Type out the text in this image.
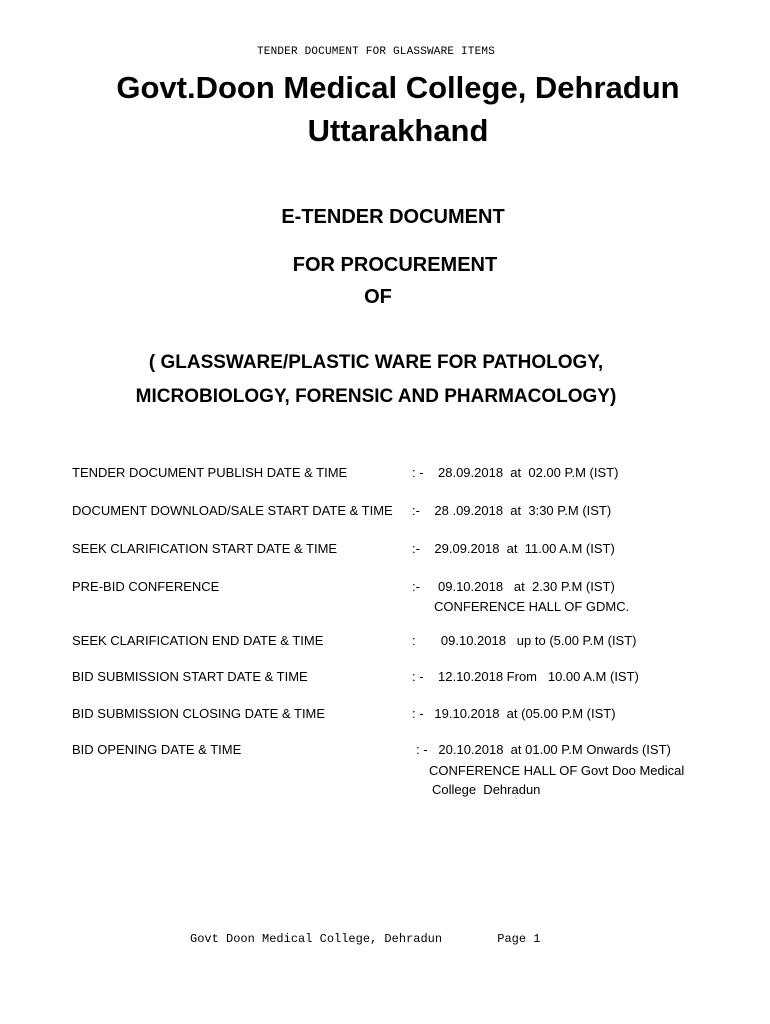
TENDER DOCUMENT FOR GLASSWARE ITEMS
Govt.Doon Medical College, Dehradun
Uttarakhand
E-TENDER DOCUMENT
FOR PROCUREMENT
OF
( GLASSWARE/PLASTIC WARE FOR PATHOLOGY,
MICROBIOLOGY, FORENSIC AND PHARMACOLOGY)
TENDER DOCUMENT PUBLISH DATE & TIME	: -    28.09.2018  at  02.00 P.M (IST)
DOCUMENT DOWNLOAD/SALE START DATE & TIME :-    28 .09.2018  at  3:30 P.M (IST)
SEEK CLARIFICATION START DATE & TIME	:-    29.09.2018  at  11.00 A.M (IST)
PRE-BID CONFERENCE	:-     09.10.2018   at  2.30 P.M (IST)
CONFERENCE HALL OF GDMC.
SEEK CLARIFICATION END DATE & TIME	:       09.10.2018   up to (5.00 P.M (IST)
BID SUBMISSION START DATE & TIME	: -    12.10.2018 From   10.00 A.M (IST)
BID SUBMISSION CLOSING DATE & TIME	: -   19.10.2018  at (05.00 P.M (IST)
BID OPENING DATE & TIME	: -   20.10.2018  at 01.00 P.M Onwards (IST)
CONFERENCE HALL OF Govt Doo Medical
College  Dehradun
Govt Doon Medical College, Dehradun	Page 1
